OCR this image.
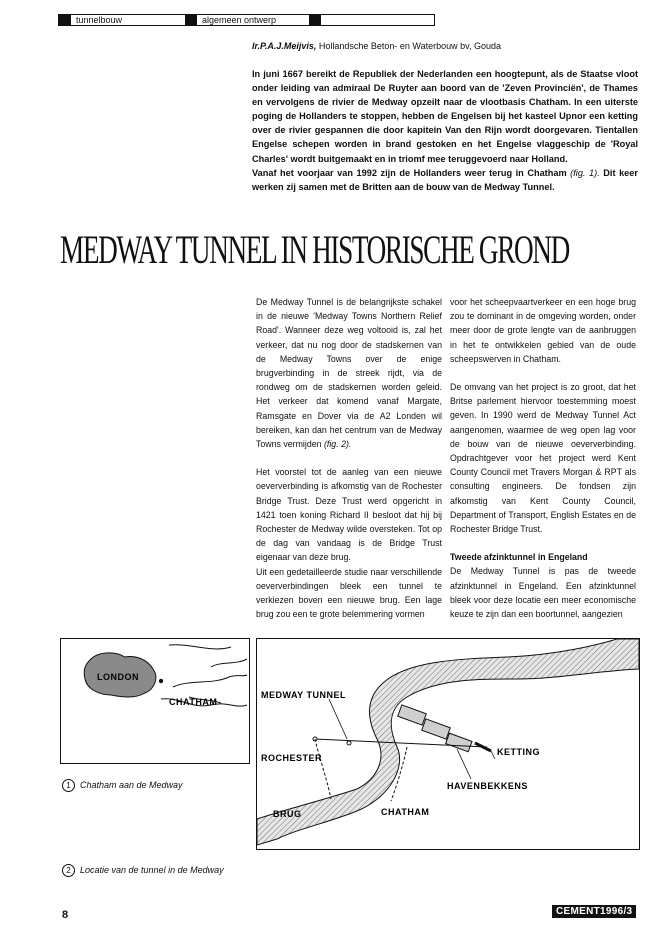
tunnelbouw	algemeen ontwerp
Ir.P.A.J.Meijvis, Hollandsche Beton- en Waterbouw bv, Gouda

In juni 1667 bereikt de Republiek der Nederlanden een hoogtepunt, als de Staatse vloot onder leiding van admiraal De Ruyter aan boord van de 'Zeven Provinciën', de Thames en vervolgens de rivier de Medway opzeilt naar de vlootbasis Chatham. In een uiterste poging de Hollanders te stoppen, hebben de Engelsen bij het kasteel Upnor een ketting over de rivier gespannen die door kapitein Van den Rijn wordt doorgevaren. Tientallen Engelse schepen worden in brand gestoken en het Engelse vlaggeschip de 'Royal Charles' wordt buitgemaakt en in triomf mee teruggevoerd naar Holland.

Vanaf het voorjaar van 1992 zijn de Hollanders weer terug in Chatham (fig. 1). Dit keer werken zij samen met de Britten aan de bouw van de Medway Tunnel.

MEDWAY TUNNEL IN HISTORISCHE GROND

De Medway Tunnel is de belangrijkste schakel in de nieuwe 'Medway Towns Northern Relief Road'. Wanneer deze weg voltooid is, zal het verkeer, dat nu nog door de stadskernen van de Medway Towns over de enige brugverbinding in de streek rijdt, via de rondweg om de stadskernen worden geleid. Het verkeer dat komend vanaf Margate, Ramsgate en Dover via de A2 Londen wil bereiken, kan dan het centrum van de Medway Towns vermijden (fig. 2).

Het voorstel tot de aanleg van een nieuwe oeververbinding is afkomstig van de Rochester Bridge Trust. Deze Trust werd opgericht in 1421 toen koning Richard II besloot dat hij bij Rochester de Medway wilde oversteken. Tot op de dag van vandaag is de Bridge Trust eigenaar van deze brug.

Uit een gedetailleerde studie naar verschillende oeververbindingen bleek een tunnel te verkiezen boven een nieuwe brug. Een lage brug zou een te grote belemmering vormen

voor het scheepvaartverkeer en een hoge brug zou te dominant in de omgeving worden, onder meer door de grote lengte van de aanbruggen in het te ontwikkelen gebied van de oude scheepswerven in Chatham.

De omvang van het project is zo groot, dat het Britse parlement hiervoor toestemming moest geven. In 1990 werd de Medway Tunnel Act aangenomen, waarmee de weg open lag voor de bouw van de nieuwe oeververbinding. Opdrachtgever voor het project werd Kent County Council met Travers Morgan & RPT als consulting engineers. De fondsen zijn afkomstig van Kent County Council, Department of Transport, English Estates en de Rochester Bridge Trust.

Tweede afzinktunnel in Engeland

De Medway Tunnel is pas de tweede afzinktunnel in Engeland. Een afzinktunnel bleek voor deze locatie een meer economische keuze te zijn dan een boortunnel, aangezien

LONDON
CHATHAM
1 Chatham aan de Medway
MEDWAY TUNNEL
ROCHESTER
BRUG	CHATHAM
HAVENBEKKENS
KETTING
2 Locatie van de tunnel in de Medway
8	CEMENT1996/3
